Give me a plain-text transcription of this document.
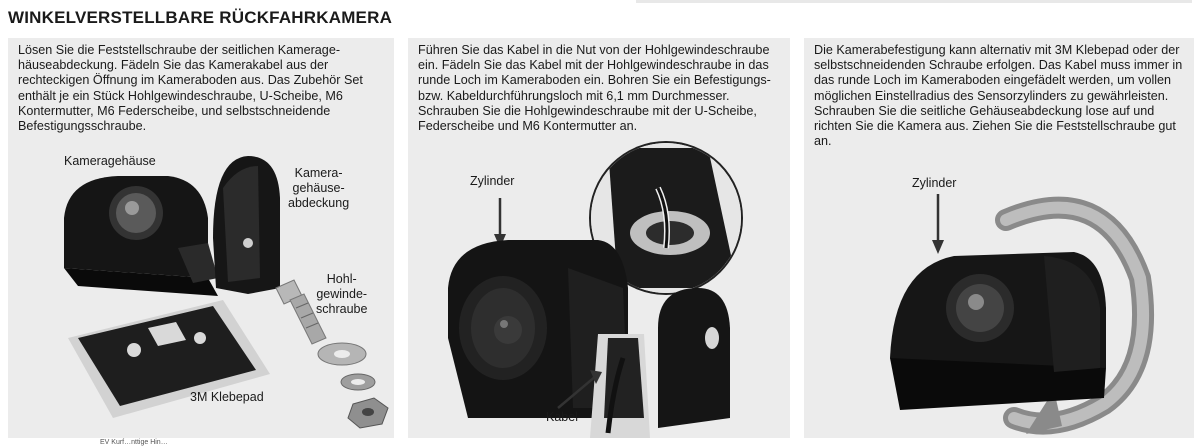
WINKELVERSTELLBARE RÜCKFAHRKAMERA

Lösen Sie die Feststellschraube der seitlichen Kameragehäuseabdeckung. Fädeln Sie das Kamerakabel aus der rechteckigen Öffnung im Kameraboden aus. Das Zubehör Set enthält je ein Stück Hohlgewindeschraube, U-Scheibe, M6 Kontermutter, M6 Federscheibe, und selbstschneidende Befestigungsschraube.

Kameragehäuse
Kamera-
gehäuse-
abdeckung
Hohl-
gewinde-
schraube
3M Klebepad

Führen Sie das Kabel in die Nut von der Hohlgewindeschraube ein. Fädeln Sie das Kabel mit der Hohlgewindeschraube in das runde Loch im Kameraboden ein. Bohren Sie ein Befestigungs- bzw. Kabeldurchführungsloch mit 6,1 mm Durchmesser. Schrauben Sie die Hohlgewindeschraube mit der U-Scheibe, Federscheibe und M6 Kontermutter an.

Zylinder
Kabel

Die Kamerabefestigung kann alternativ mit 3M Klebepad oder der selbstschneidenden Schraube erfolgen. Das Kabel muss immer in das runde Loch im Kameraboden eingefädelt werden, um vollen möglichen Einstellradius des Sensorzylinders zu gewährleisten. Schrauben Sie die seitliche Gehäuseabdeckung lose auf und richten Sie die Kamera aus. Ziehen Sie die Feststellschraube gut an.

Zylinder
EV Kurf…nttige Hin…
